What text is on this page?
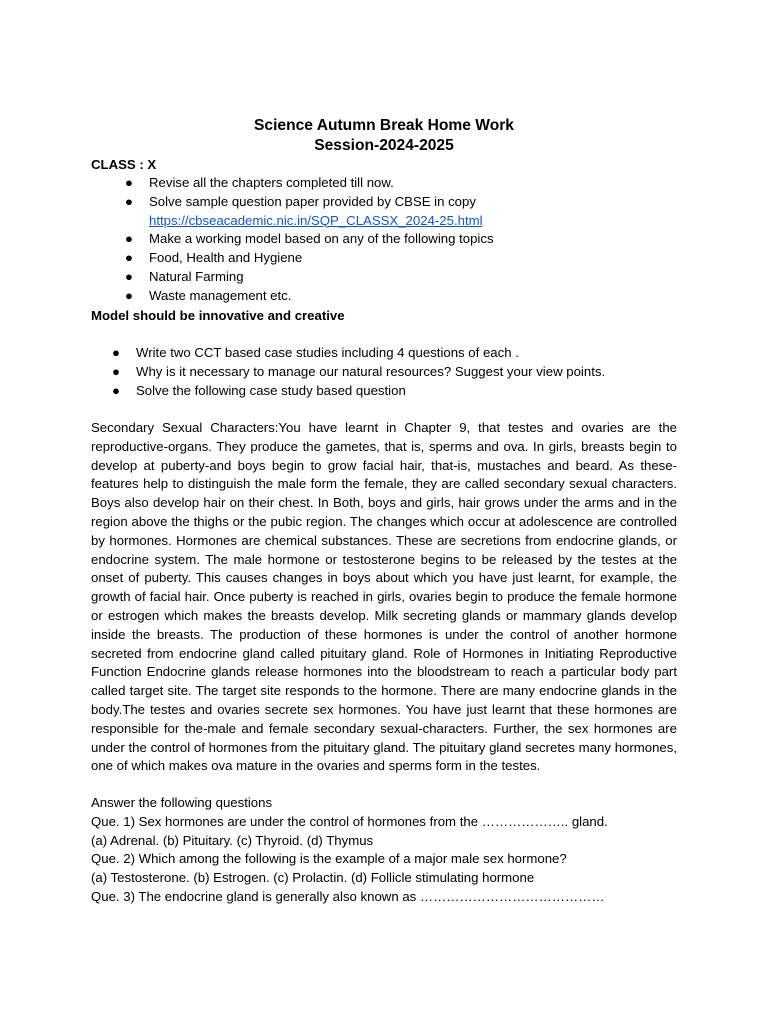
Science Autumn Break Home Work
Session-2024-2025
CLASS : X
● Revise all the chapters completed till now.
● Solve sample question paper provided by CBSE in copy
https://cbseacademic.nic.in/SQP_CLASSX_2024-25.html
● Make a working model based on any of the following topics
● Food, Health and Hygiene
● Natural Farming
● Waste management etc.
Model should be innovative and creative
● Write two CCT based case studies including 4 questions of each .
● Why is it necessary to manage our natural resources? Suggest your view points.
● Solve the following case study based question

Secondary Sexual Characters:You have learnt in Chapter 9, that testes and ovaries are the reproductive-organs. They produce the gametes, that is, sperms and ova. In girls, breasts begin to develop at puberty-and boys begin to grow facial hair, that-is, mustaches and beard. As these-features help to distinguish the male form the female, they are called secondary sexual characters. Boys also develop hair on their chest. In Both, boys and girls, hair grows under the arms and in the region above the thighs or the pubic region. The changes which occur at adolescence are controlled by hormones. Hormones are chemical substances. These are secretions from endocrine glands, or endocrine system. The male hormone or testosterone begins to be released by the testes at the onset of puberty. This causes changes in boys about which you have just learnt, for example, the growth of facial hair. Once puberty is reached in girls, ovaries begin to produce the female hormone or estrogen which makes the breasts develop. Milk secreting glands or mammary glands develop inside the breasts. The production of these hormones is under the control of another hormone secreted from endocrine gland called pituitary gland. Role of Hormones in Initiating Reproductive Function Endocrine glands release hormones into the bloodstream to reach a particular body part called target site. The target site responds to the hormone. There are many endocrine glands in the body.The testes and ovaries secrete sex hormones. You have just learnt that these hormones are responsible for the-male and female secondary sexual-characters. Further, the sex hormones are under the control of hormones from the pituitary gland. The pituitary gland secretes many hormones, one of which makes ova mature in the ovaries and sperms form in the testes.

Answer the following questions
Que. 1) Sex hormones are under the control of hormones from the ……………….. gland.
(a) Adrenal. (b) Pituitary. (c) Thyroid. (d) Thymus
Que. 2) Which among the following is the example of a major male sex hormone?
(a) Testosterone. (b) Estrogen. (c) Prolactin. (d) Follicle stimulating hormone
Que. 3) The endocrine gland is generally also known as ……………………………………
